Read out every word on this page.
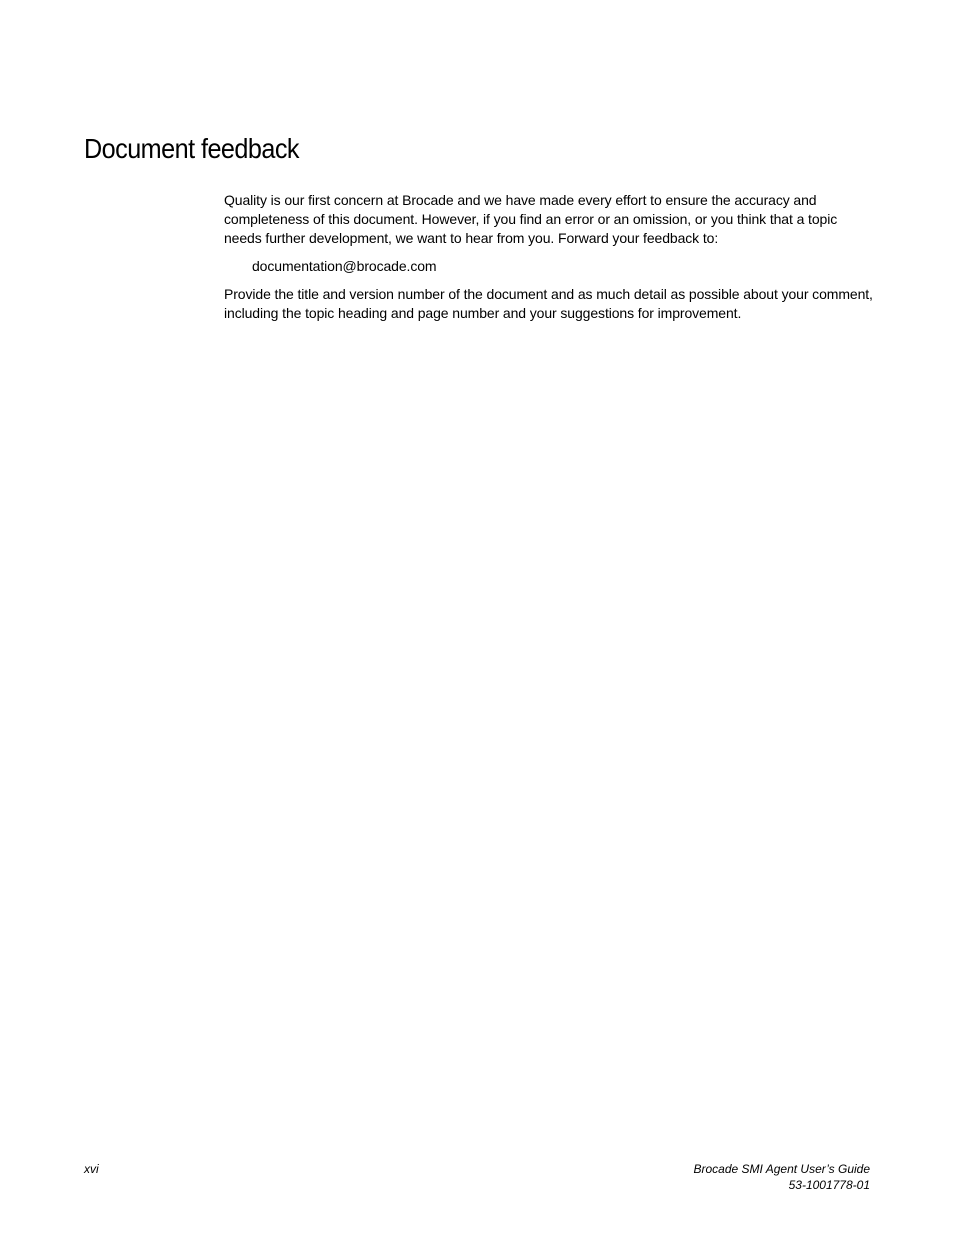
Document feedback

Quality is our first concern at Brocade and we have made every effort to ensure the accuracy and completeness of this document. However, if you find an error or an omission, or you think that a topic needs further development, we want to hear from you. Forward your feedback to:

documentation@brocade.com

Provide the title and version number of the document and as much detail as possible about your comment, including the topic heading and page number and your suggestions for improvement.

xvi	Brocade SMI Agent User’s Guide
53-1001778-01
